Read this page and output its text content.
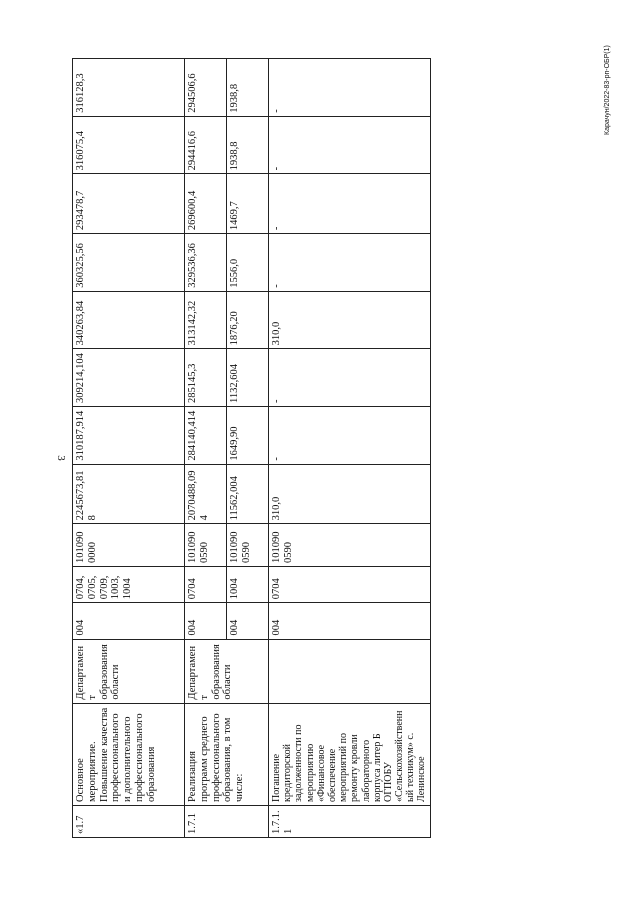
3
Карачун/2022-83-рп-ОБР(1)
«1.7	Основное мероприятие. Повышение качества профессионального и дополнительного профессионального образования	Департамент образования области	004	0704, 0705, 0709, 1003, 1004	1010900000	2245673,818	310187,914	309214,104	340263,84	360325,56	293478,7	316075,4	316128,3
1.7.1	Реализация программ среднего профессионального образования, в том числе:	Департамент образования области	004	0704	1010900590	2070488,094	284140,414	285145,3	313142,32	329536,36	269600,4	294416,6	294506,6
			004	1004	1010900590	11562,004	1649,90	1132,604	1876,20	1556,0	1469,7	1938,8	1938,8
1.7.1.1	Погашение кредиторской задолженности по мероприятию «Финансовое обеспечение мероприятий по ремонту кровли лабораторного корпуса литер Б ОГПОБУ «Сельскохозяйственный техникум» с. Ленинское		004	0704	1010900590	310,0	-	-	310,0	-	-	-	-
